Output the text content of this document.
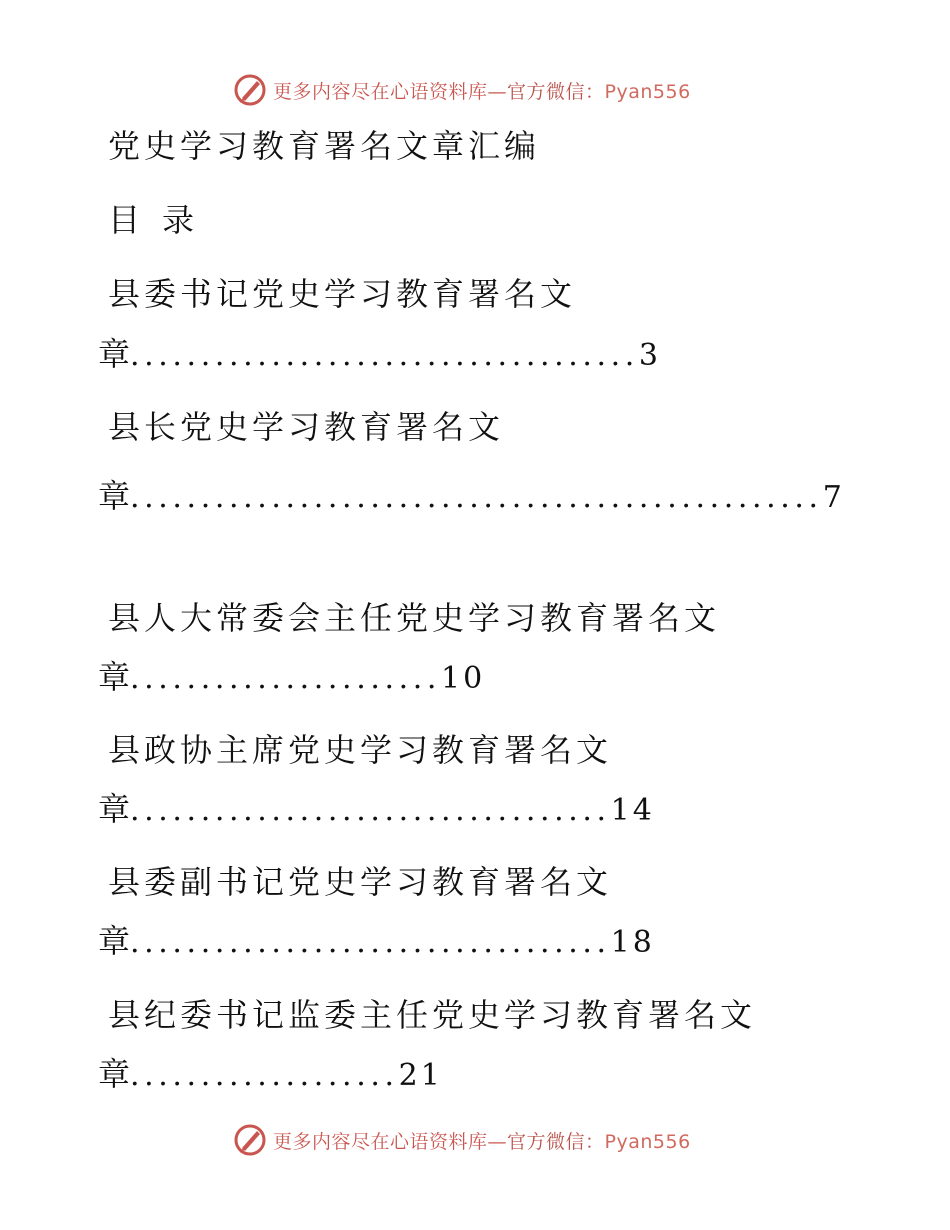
更多内容尽在心语资料库—官方微信：Pyan556
党史学习教育署名文章汇编
目 录
县委书记党史学习教育署名文
章....................................3
县长党史学习教育署名文
章.................................................7
县人大常委会主任党史学习教育署名文
章......................10
县政协主席党史学习教育署名文
章..................................14
县委副书记党史学习教育署名文
章..................................18
县纪委书记监委主任党史学习教育署名文
章...................21
更多内容尽在心语资料库—官方微信：Pyan556
